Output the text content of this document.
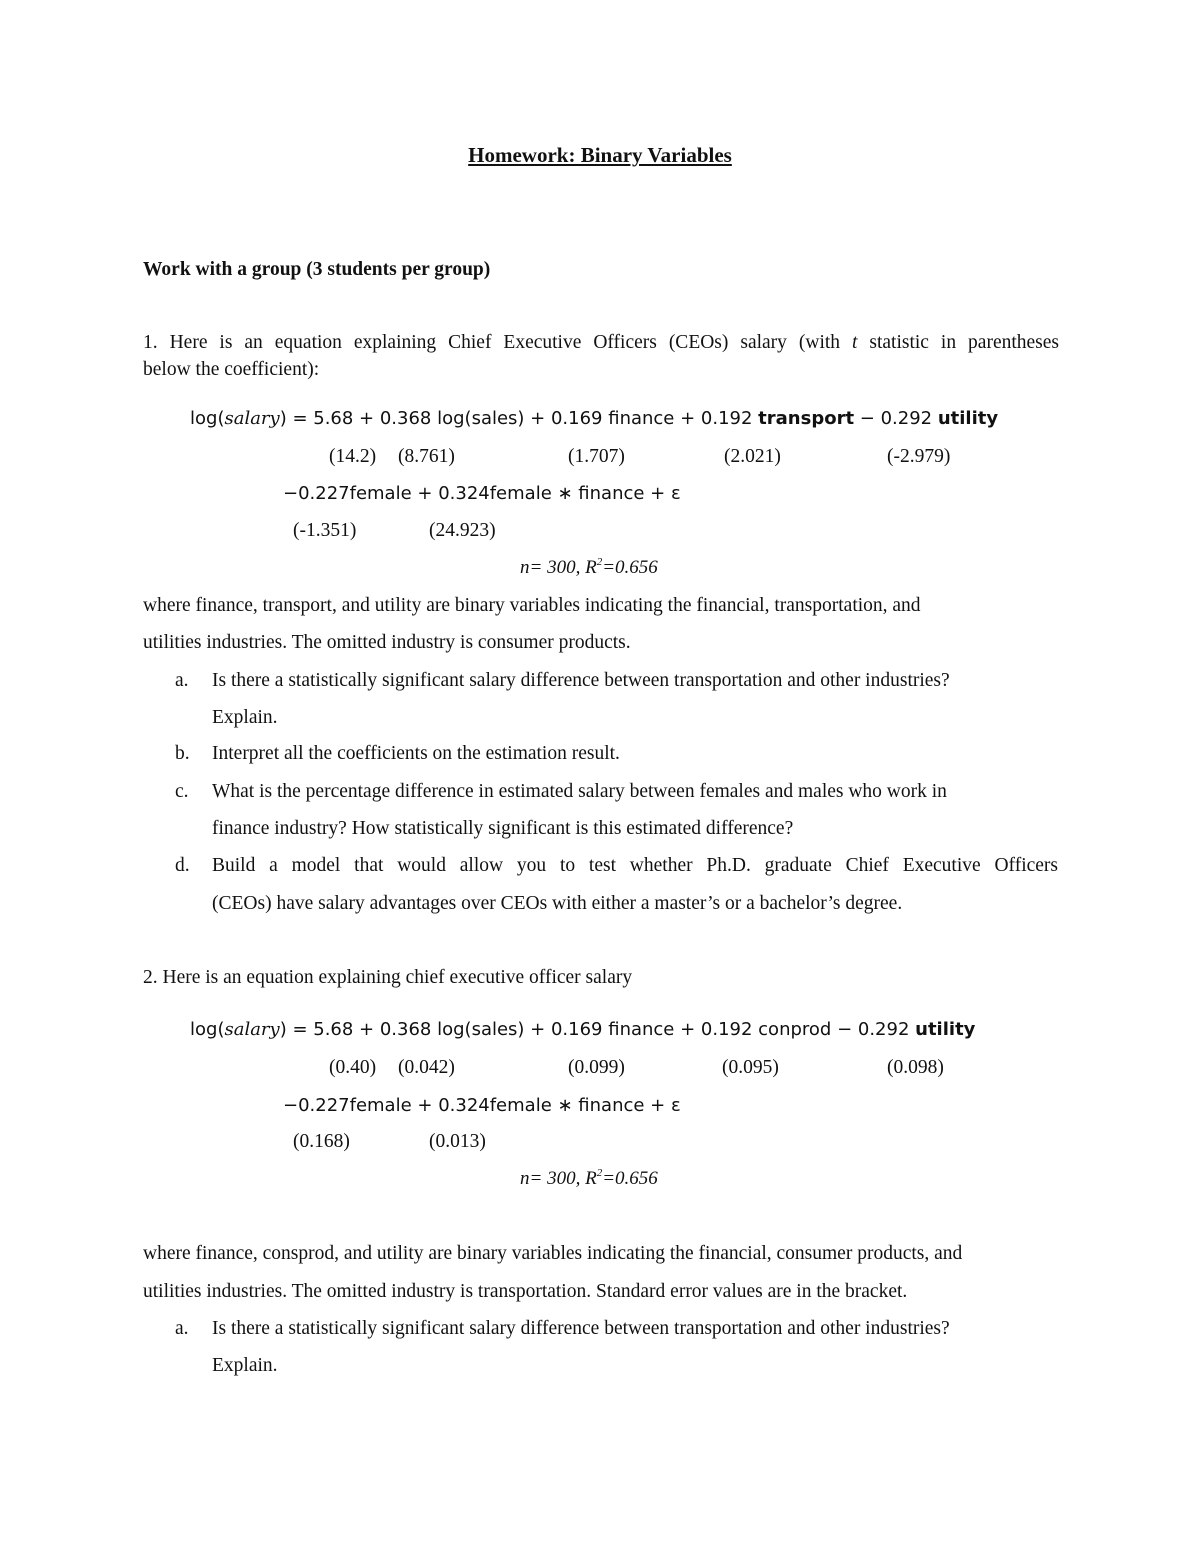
Homework: Binary Variables
Work with a group (3 students per group)
1. Here is an equation explaining Chief Executive Officers (CEOs) salary (with t statistic in parentheses
below the coefficient):
log(salary) = 5.68 + 0.368 log(sales) + 0.169 finance + 0.192 transport − 0.292 utility
(14.2) (8.761)	(1.707)	(2.021)	(-2.979)
−0.227female + 0.324female ∗ finance + ε
(-1.351)	(24.923)
n= 300, $R^2=0.656$
where finance, transport, and utility are binary variables indicating the financial, transportation, and
utilities industries. The omitted industry is consumer products.
a. Is there a statistically significant salary difference between transportation and other industries?
Explain.
b. Interpret all the coefficients on the estimation result.
c. What is the percentage difference in estimated salary between females and males who work in
finance industry? How statistically significant is this estimated difference?
d. Build a model that would allow you to test whether Ph.D. graduate Chief Executive Officers
(CEOs) have salary advantages over CEOs with either a master’s or a bachelor’s degree.
2. Here is an equation explaining chief executive officer salary
log(salary) = 5.68 + 0.368 log(sales) + 0.169 finance + 0.192 conprod − 0.292 utility
(0.40) (0.042)	(0.099)	(0.095)	(0.098)
−0.227female + 0.324female ∗ finance + ε
(0.168)	(0.013)
n= 300, $R^2=0.656$
where finance, consprod, and utility are binary variables indicating the financial, consumer products, and
utilities industries. The omitted industry is transportation. Standard error values are in the bracket.
a. Is there a statistically significant salary difference between transportation and other industries?
Explain.
